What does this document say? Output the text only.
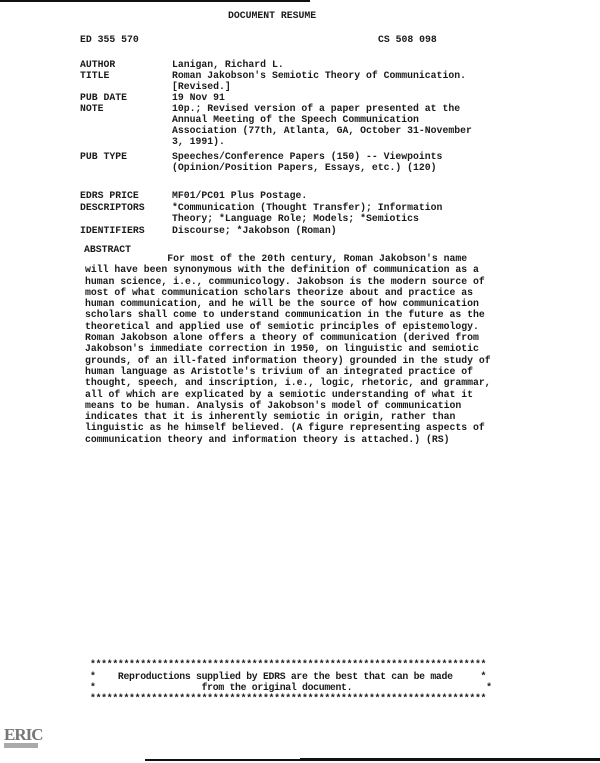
DOCUMENT RESUME
ED 355 570	CS 508 098
AUTHOR	Lanigan, Richard L.
TITLE	Roman Jakobson's Semiotic Theory of Communication.
[Revised.]
PUB DATE	19 Nov 91
NOTE	10p.; Revised version of a paper presented at the
Annual Meeting of the Speech Communication
Association (77th, Atlanta, GA, October 31-November
3, 1991).
PUB TYPE	Speeches/Conference Papers (150) -- Viewpoints
(Opinion/Position Papers, Essays, etc.) (120)
EDRS PRICE	MF01/PC01 Plus Postage.
DESCRIPTORS	*Communication (Thought Transfer); Information
Theory; *Language Role; Models; *Semiotics
IDENTIFIERS	Discourse; *Jakobson (Roman)
ABSTRACT
For most of the 20th century, Roman Jakobson's name
will have been synonymous with the definition of communication as a
human science, i.e., communicology. Jakobson is the modern source of
most of what communication scholars theorize about and practice as
human communication, and he will be the source of how communication
scholars shall come to understand communication in the future as the
theoretical and applied use of semiotic principles of epistemology.
Roman Jakobson alone offers a theory of communication (derived from
Jakobson's immediate correction in 1950, on linguistic and semiotic
grounds, of an ill-fated information theory) grounded in the study of
human language as Aristotle's trivium of an integrated practice of
thought, speech, and inscription, i.e., logic, rhetoric, and grammar,
all of which are explicated by a semiotic understanding of what it
means to be human. Analysis of Jakobson's model of communication
indicates that it is inherently semiotic in origin, rather than
linguistic as he himself believed. (A figure representing aspects of
communication theory and information theory is attached.) (RS)
***********************************************************************
*    Reproductions supplied by EDRS are the best that can be made     *
*                   from the original document.                        *
***********************************************************************
ERIC
